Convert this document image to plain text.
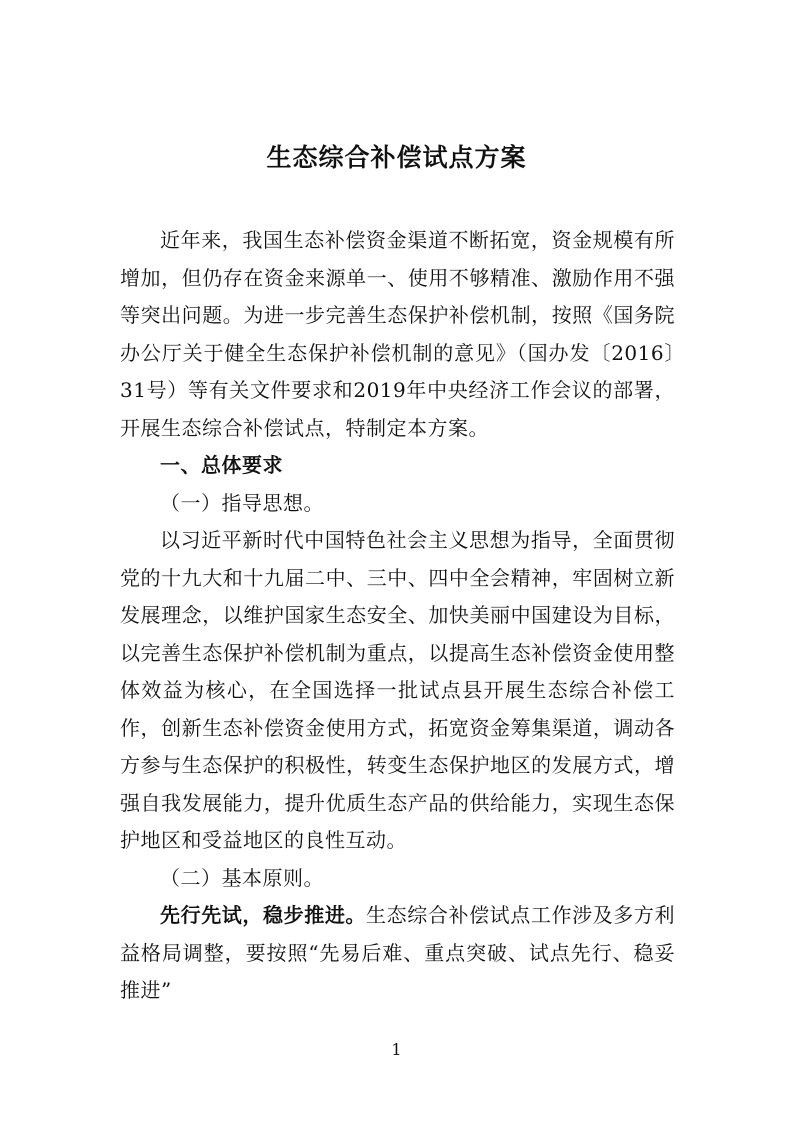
生态综合补偿试点方案

近年来，我国生态补偿资金渠道不断拓宽，资金规模有所增加，但仍存在资金来源单一、使用不够精准、激励作用不强等突出问题。为进一步完善生态保护补偿机制，按照《国务院办公厅关于健全生态保护补偿机制的意见》（国办发〔2016〕31号）等有关文件要求和2019年中央经济工作会议的部署，开展生态综合补偿试点，特制定本方案。

一、总体要求

（一）指导思想。

以习近平新时代中国特色社会主义思想为指导，全面贯彻党的十九大和十九届二中、三中、四中全会精神，牢固树立新发展理念，以维护国家生态安全、加快美丽中国建设为目标，以完善生态保护补偿机制为重点，以提高生态补偿资金使用整体效益为核心，在全国选择一批试点县开展生态综合补偿工作，创新生态补偿资金使用方式，拓宽资金筹集渠道，调动各方参与生态保护的积极性，转变生态保护地区的发展方式，增强自我发展能力，提升优质生态产品的供给能力，实现生态保护地区和受益地区的良性互动。

（二）基本原则。

先行先试，稳步推进。生态综合补偿试点工作涉及多方利益格局调整，要按照“先易后难、重点突破、试点先行、稳妥推进”

1
